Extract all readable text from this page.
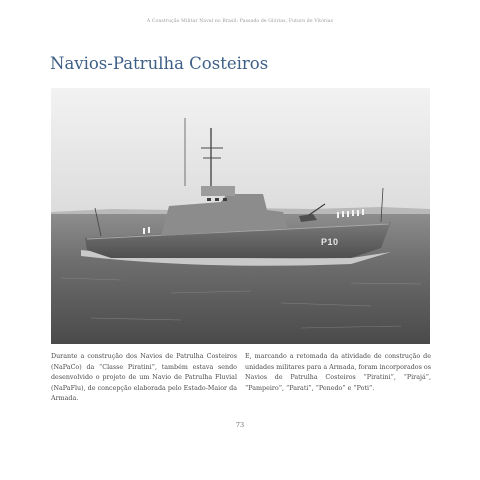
A Construção Militar Naval no Brasil: Passado de Glórias, Futuro de Vitórias
Navios-Patrulha Costeiros
P10

Durante a construção dos Navios de Patrulha Costeiros (NaPaCo) da “Classe Piratini”, também estava sendo desenvolvido o projeto de um Navio de Patrulha Fluvial (NaPaFlu), de concepção elaborada pelo Estado-Maior da Armada.

E, marcando a retomada da atividade de construção de unidades militares para a Armada, foram incorporados os Navios de Patrulha Costeiros “Piratini”, “Pirajá”, “Pampeiro”, “Parati”, “Penedo” e “Poti”.

73
